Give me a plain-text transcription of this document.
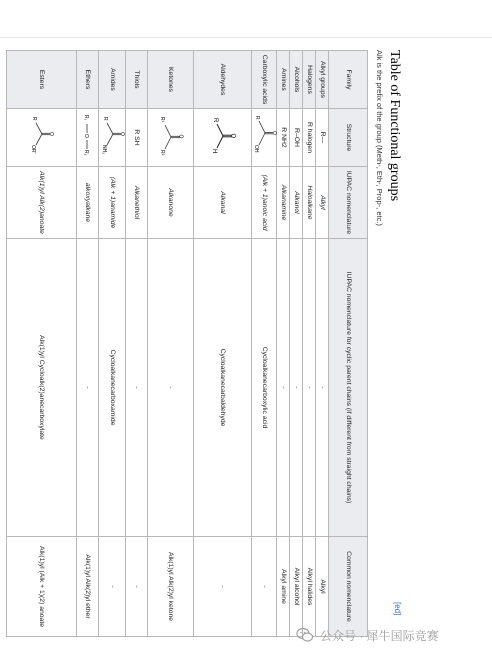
Table of Functional groups
Alk is the prefix of the group (Meth-, Eth-, Prop-, etc.)
[ed]
Family	Structure	IUPAC nomenclature	IUPAC nomenclature for cyclic parent chains (if different from straight chains)	Common nomenclature
Alkyl groups	R—	Alkyl	-	Alkyl
Halogens	R halogen	Haloalkane	-	Alkyl halides
Alcohols	R–OH	Alkanol	-	Alkyl alcohol
Amines	R NH2	Alkanamine	-	Alkyl amine
Carboxylic acids	R
O
OH	(Alk + 1)anoic acid	Cycloalkanecarboxylic acid	-
Aldehydes	R
O
H	Alkanal	Cycloalkanecarbaldehyde	-
Ketones	R¹
O
R²	Alkanone	-	Alk(1)yl Alk(2)yl ketone
Thiols	R SH	Alkanethiol	-	-
Amides	R
O
NH₂	(Alk + 1)anamide	Cycloalkanecarboxamide	-
Ethers	R₁
O
R₂	alkoxyalkane	-	Alk(1)yl Alk(2)yl ether
Esters	R
O
OR'	Alk(1)yl Alk(2)anoate	Alk(1)yl Cycloalk(2)anecarboxylate	Alk(1)yl (Alk + 1)(2) anoate
公众号 · 犀牛国际竞赛
